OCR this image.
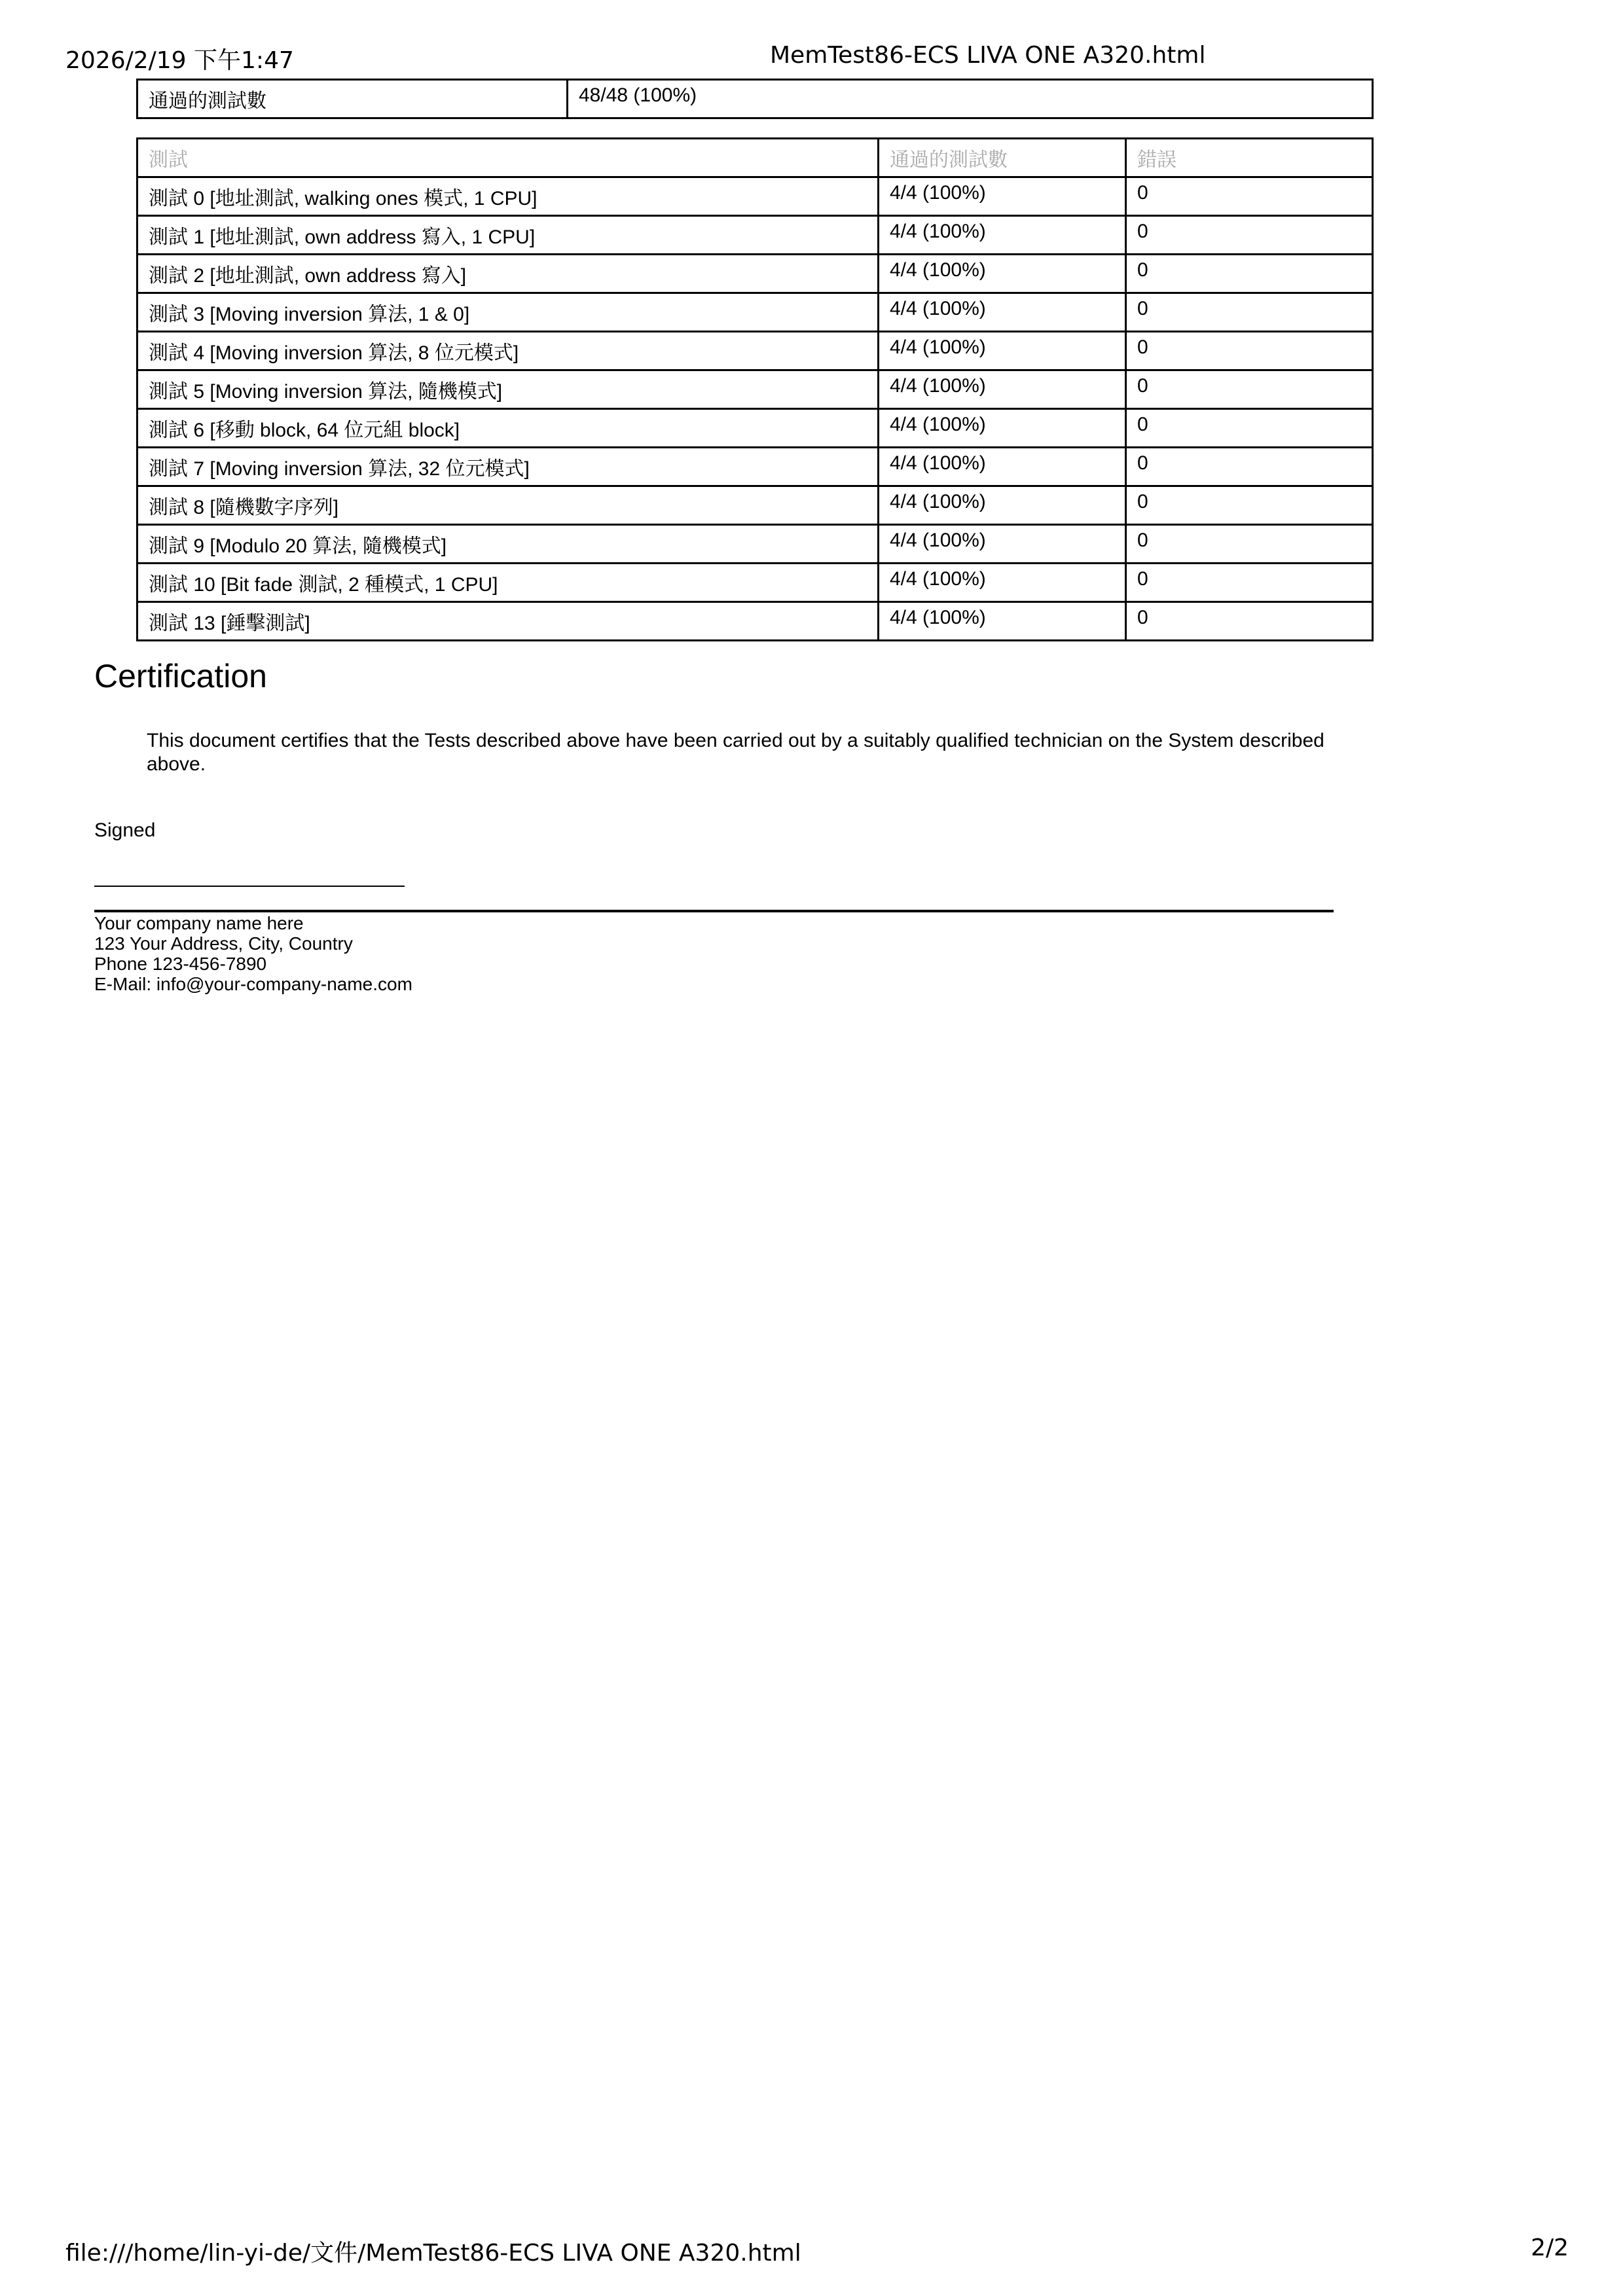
2026/2/19 下午1:47	MemTest86-ECS LIVA ONE A320.html
通過的測試數	48/48 (100%)
測試	通過的測試數	錯誤
測試 0 [地址測試, walking ones 模式, 1 CPU]	4/4 (100%)	0
測試 1 [地址測試, own address 寫入, 1 CPU]	4/4 (100%)	0
測試 2 [地址測試, own address 寫入]	4/4 (100%)	0
測試 3 [Moving inversion 算法, 1 & 0]	4/4 (100%)	0
測試 4 [Moving inversion 算法, 8 位元模式]	4/4 (100%)	0
測試 5 [Moving inversion 算法, 隨機模式]	4/4 (100%)	0
測試 6 [移動 block, 64 位元組 block]	4/4 (100%)	0
測試 7 [Moving inversion 算法, 32 位元模式]	4/4 (100%)	0
測試 8 [隨機數字序列]	4/4 (100%)	0
測試 9 [Modulo 20 算法, 隨機模式]	4/4 (100%)	0
測試 10 [Bit fade 測試, 2 種模式, 1 CPU]	4/4 (100%)	0
測試 13 [錘擊測試]	4/4 (100%)	0
Certification

This document certifies that the Tests described above have been carried out by a suitably qualified technician on the System described above.

Signed
Your company name here
123 Your Address, City, Country
Phone 123-456-7890
E-Mail: info@your-company-name.com
file:///home/lin-yi-de/文件/MemTest86-ECS LIVA ONE A320.html	2/2
